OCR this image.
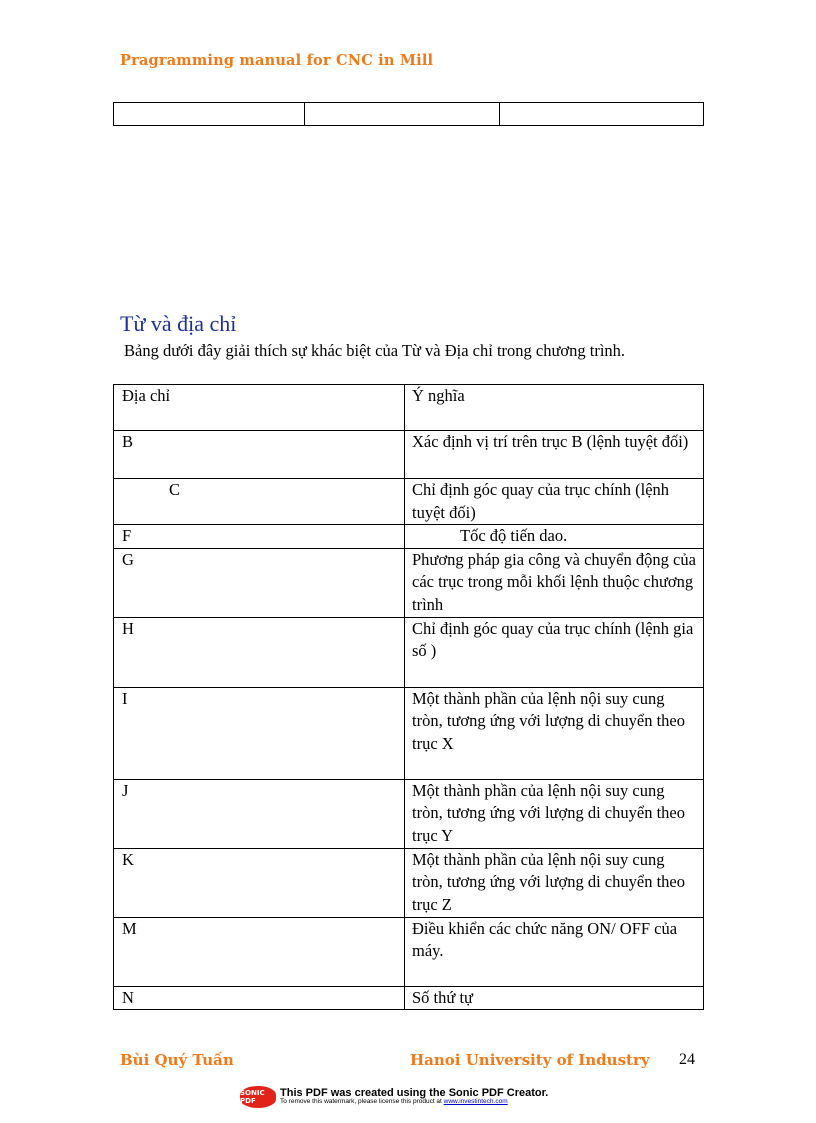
Pragramming manual for CNC in Mill
Từ và địa chỉ
Bảng dưới đây giải thích sự khác biệt của Từ và Địa chỉ trong chương trình.
Địa chỉ	Ý nghĩa
B	Xác định vị trí trên trục B (lệnh tuyệt đối)
C	Chỉ định góc quay của trục chính (lệnh tuyệt đối)
F	Tốc độ tiến dao.
G	Phương pháp gia công và chuyển động của các trục trong mỗi khối lệnh thuộc chương trình
H	Chỉ định góc quay của trục chính (lệnh gia số )
I	Một thành phần của lệnh nội suy cung tròn, tương ứng với lượng di chuyển theo trục X
J	Một thành phần của lệnh nội suy cung tròn, tương ứng với lượng di chuyển theo trục Y
K	Một thành phần của lệnh nội suy cung tròn, tương ứng với lượng di chuyển theo trục Z
M	Điều khiển các chức năng ON/ OFF của máy.
N	Số thứ tự
Bùi Quý Tuấn	Hanoi University of Industry 24
SONIC PDF
This PDF was created using the Sonic PDF Creator.
To remove this watermark, please license this product at www.investintech.com
